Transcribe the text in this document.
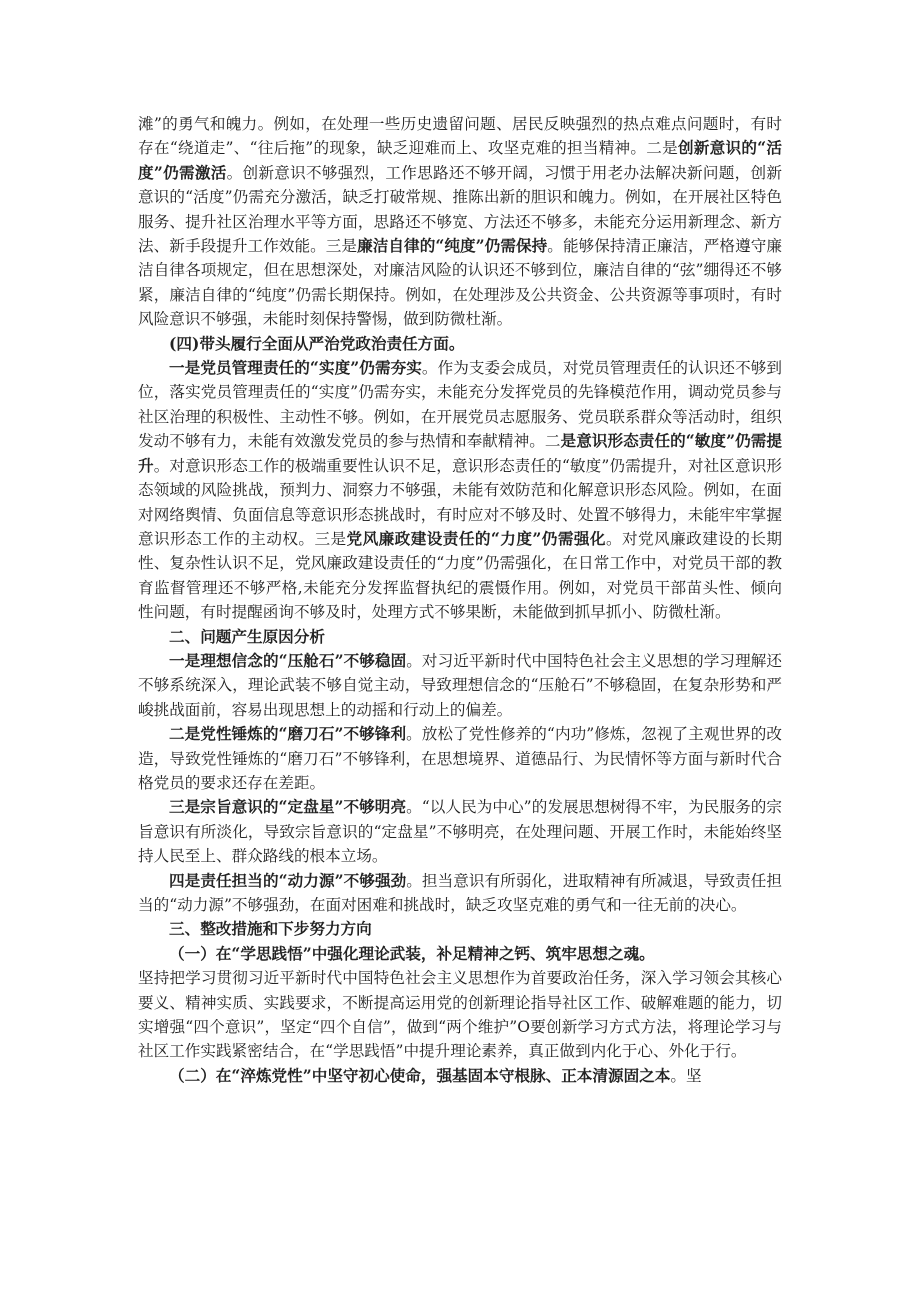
滩”的勇气和魄力。例如，在处理一些历史遗留问题、居民反映强烈的热点难点问题时，有时存在“绕道走”、“往后拖”的现象，缺乏迎难而上、攻坚克难的担当精神。二是创新意识的“活度”仍需激活。创新意识不够强烈，工作思路还不够开阔，习惯于用老办法解决新问题，创新意识的“活度”仍需充分激活，缺乏打破常规、推陈出新的胆识和魄力。例如，在开展社区特色服务、提升社区治理水平等方面，思路还不够宽、方法还不够多，未能充分运用新理念、新方法、新手段提升工作效能。三是廉洁自律的“纯度”仍需保持。能够保持清正廉洁，严格遵守廉洁自律各项规定，但在思想深处，对廉洁风险的认识还不够到位，廉洁自律的“弦”绷得还不够紧，廉洁自律的“纯度”仍需长期保持。例如，在处理涉及公共资金、公共资源等事项时，有时风险意识不够强，未能时刻保持警惕，做到防微杜渐。

(四)带头履行全面从严治党政治责任方面。

一是党员管理责任的“实度”仍需夯实。作为支委会成员，对党员管理责任的认识还不够到位，落实党员管理责任的“实度”仍需夯实，未能充分发挥党员的先锋模范作用，调动党员参与社区治理的积极性、主动性不够。例如，在开展党员志愿服务、党员联系群众等活动时，组织发动不够有力，未能有效激发党员的参与热情和奉献精神。二是意识形态责任的“敏度”仍需提升。对意识形态工作的极端重要性认识不足，意识形态责任的“敏度”仍需提升，对社区意识形态领域的风险挑战，预判力、洞察力不够强，未能有效防范和化解意识形态风险。例如，在面对网络舆情、负面信息等意识形态挑战时，有时应对不够及时、处置不够得力，未能牢牢掌握意识形态工作的主动权。三是党风廉政建设责任的“力度”仍需强化。对党风廉政建设的长期性、复杂性认识不足，党风廉政建设责任的“力度”仍需强化，在日常工作中，对党员干部的教育监督管理还不够严格,未能充分发挥监督执纪的震慑作用。例如，对党员干部苗头性、倾向性问题，有时提醒函询不够及时，处理方式不够果断，未能做到抓早抓小、防微杜渐。

二、问题产生原因分析

一是理想信念的“压舱石”不够稳固。对习近平新时代中国特色社会主义思想的学习理解还不够系统深入，理论武装不够自觉主动，导致理想信念的“压舱石”不够稳固，在复杂形势和严峻挑战面前，容易出现思想上的动摇和行动上的偏差。

二是党性锤炼的“磨刀石”不够锋利。放松了党性修养的“内功”修炼，忽视了主观世界的改造，导致党性锤炼的“磨刀石”不够锋利，在思想境界、道德品行、为民情怀等方面与新时代合格党员的要求还存在差距。

三是宗旨意识的“定盘星”不够明亮。“以人民为中心”的发展思想树得不牢，为民服务的宗旨意识有所淡化，导致宗旨意识的“定盘星”不够明亮，在处理问题、开展工作时，未能始终坚持人民至上、群众路线的根本立场。

四是责任担当的“动力源”不够强劲。担当意识有所弱化，进取精神有所减退，导致责任担当的“动力源”不够强劲，在面对困难和挑战时，缺乏攻坚克难的勇气和一往无前的决心。

三、整改措施和下步努力方向

（一）在“学思践悟”中强化理论武装，补足精神之钙、筑牢思想之魂。

坚持把学习贯彻习近平新时代中国特色社会主义思想作为首要政治任务，深入学习领会其核心要义、精神实质、实践要求，不断提高运用党的创新理论指导社区工作、破解难题的能力，切实增强“四个意识”，坚定“四个自信”，做到“两个维护”O要创新学习方式方法，将理论学习与社区工作实践紧密结合，在“学思践悟”中提升理论素养，真正做到内化于心、外化于行。

（二）在“淬炼党性”中坚守初心使命，强基固本守根脉、正本清源固之本。坚
